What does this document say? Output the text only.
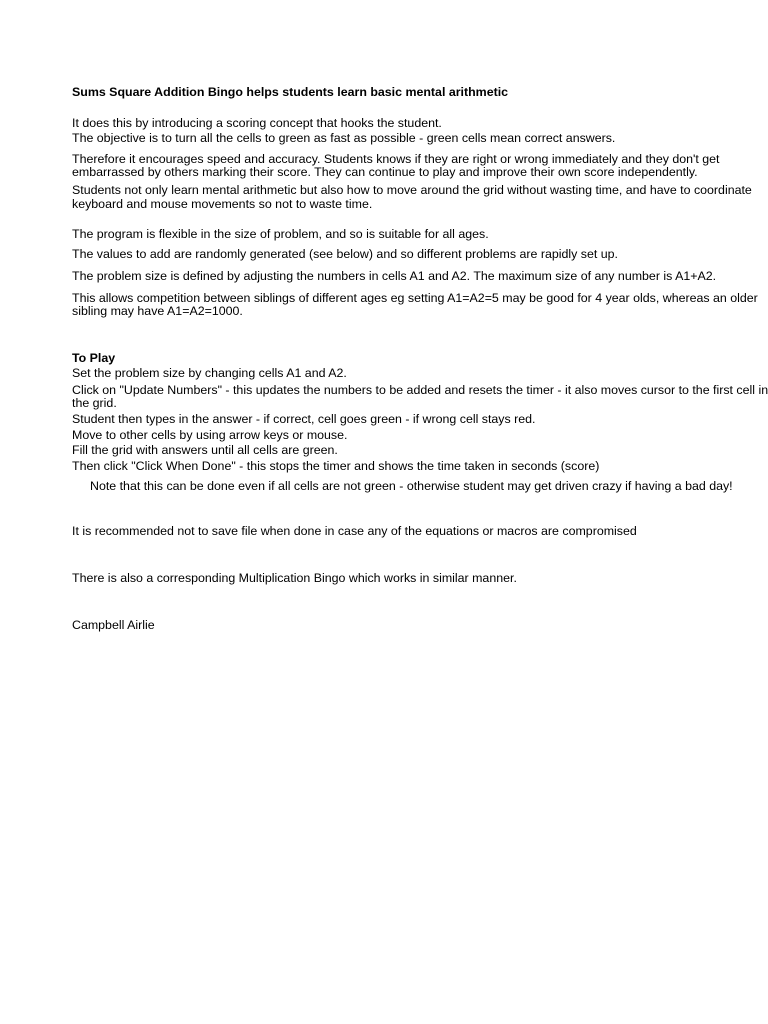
Sums Square Addition Bingo helps students learn basic mental arithmetic
It does this by introducing a scoring concept that hooks the student.
The objective is to turn all the cells to green as fast as possible - green cells mean correct answers.
Therefore it encourages speed and accuracy. Students knows if they are right or wrong immediately and they don't get
embarrassed by others marking their score. They can continue to play and improve their own score independently.
Students not only learn mental arithmetic but also how to move around the grid without wasting time, and have to coordinate
keyboard and mouse movements so not to waste time.
The program is flexible in the size of problem, and so is suitable for all ages.
The values to add are randomly generated (see below) and so different problems are rapidly set up.
The problem size is defined by adjusting the numbers in cells A1 and A2. The maximum size of any number is A1+A2.
This allows competition between siblings of different ages eg setting A1=A2=5 may be good for 4 year olds, whereas an older
sibling may have A1=A2=1000.
To Play
Set the problem size by changing cells A1 and A2.
Click on "Update Numbers" - this updates the numbers to be added and resets the timer - it also moves cursor to the first cell in
the grid.
Student then types in the answer - if correct, cell goes green - if wrong cell stays red.
Move to other cells by using arrow keys or mouse.
Fill the grid with answers until all cells are green.
Then click "Click When Done" - this stops the timer and shows the time taken in seconds (score)
Note that this can be done even if all cells are not green - otherwise student may get driven crazy if having a bad day!
It is recommended not to save file when done in case any of the equations or macros are compromised
There is also a corresponding Multiplication Bingo which works in similar manner.
Campbell Airlie
